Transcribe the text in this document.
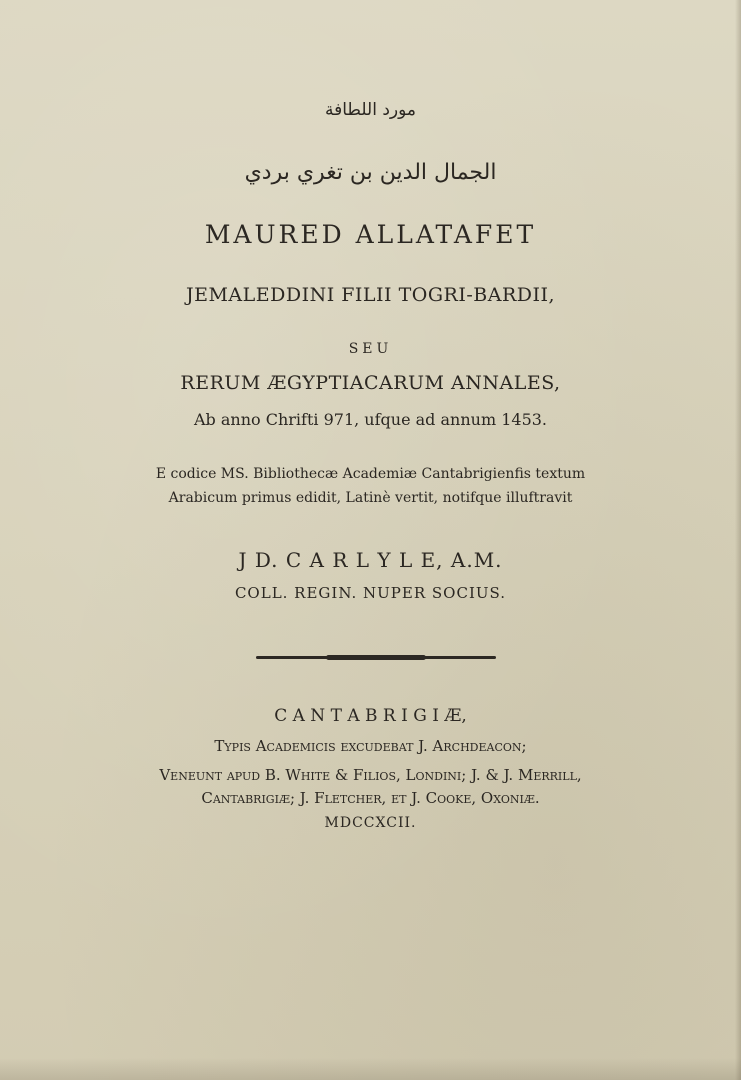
مورد اللطافة
الجمال الدين بن تغري بردي
MAURED ALLATAFET
JEMALEDDINI FILII TOGRI-BARDII,
SEU
RERUM ÆGYPTIACARUM ANNALES,
Ab anno Chrifti 971, ufque ad annum 1453.
E codice MS. Bibliothecæ Academiæ Cantabrigienfis textum
Arabicum primus edidit, Latinè vertit, notifque illuftravit
J D. C A R L Y L E, A.M.
COLL. REGIN. NUPER SOCIUS.
C A N T A B R I G I Æ,
Typis Academicis excudebat J. Archdeacon;
Veneunt apud B. White & Filios, Londini; J. & J. Merrill,
Cantabrigiæ; J. Fletcher, et J. Cooke, Oxoniæ.
MDCCXCII.
